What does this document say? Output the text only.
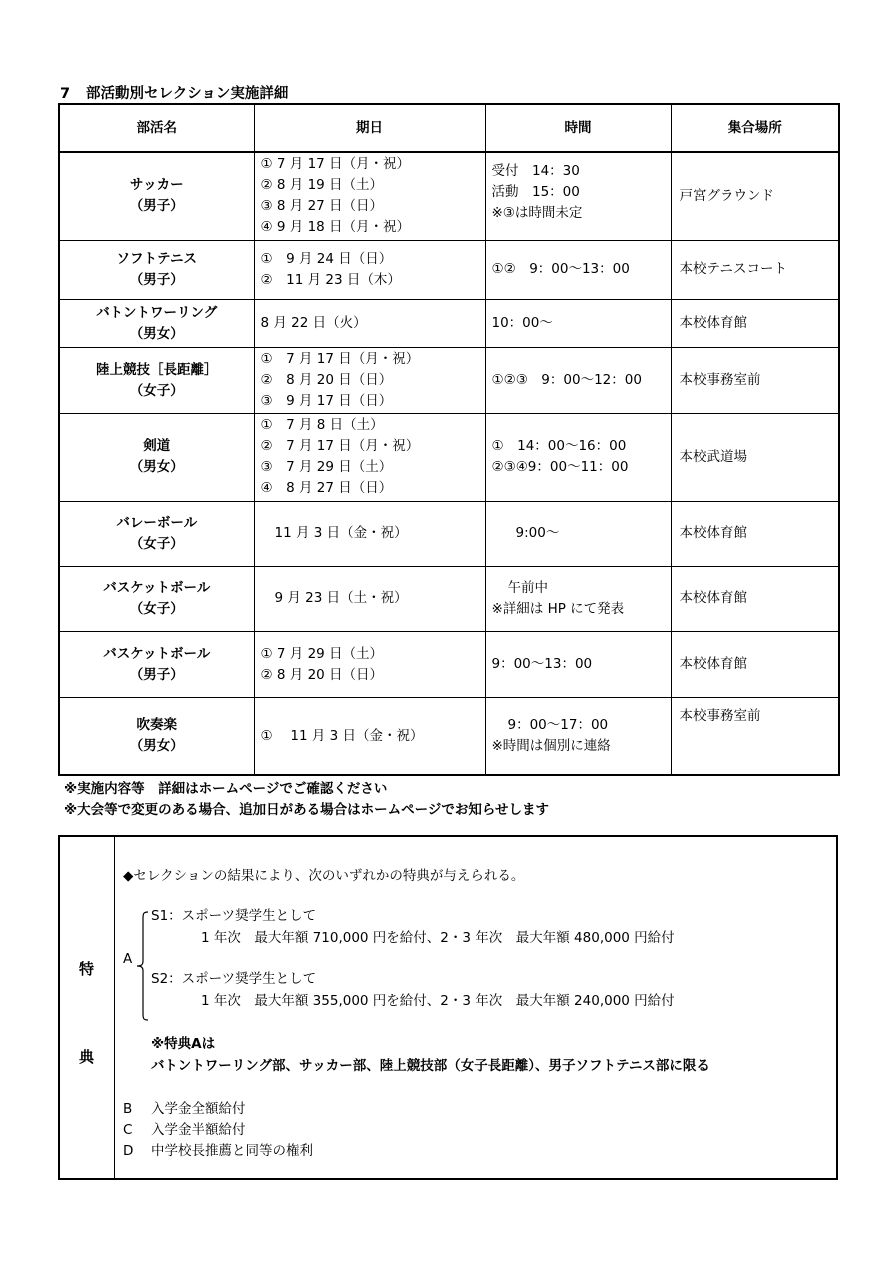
7 部活動別セレクション実施詳細
部活名	期日	時間	集合場所

サッカー
（男子）	① 7 月 17 日（月・祝）
② 8 月 19 日（土）
③ 8 月 27 日（日）
④ 9 月 18 日（月・祝）	受付　14：30
活動　15：00
※③は時間未定	戸宮グラウンド

ソフトテニス
（男子）	①　9 月 24 日（日）
②　11 月 23 日（木）	①②　9：00～13：00	本校テニスコート

バトントワーリング
（男女）	8 月 22 日（火）	10：00～	本校体育館

陸上競技［長距離］
（女子）	①　7 月 17 日（月・祝）
②　8 月 20 日（日）
③　9 月 17 日（日）	①②③　9：00～12：00	本校事務室前

剣道
（男女）	①　7 月 8 日（土）
②　7 月 17 日（月・祝）
③　7 月 29 日（土）
④　8 月 27 日（日）	①　14：00～16：00
②③④9：00～11：00	本校武道場

バレーボール
（女子）	11 月 3 日（金・祝）	9:00～	本校体育館

バスケットボール
（女子）	9 月 23 日（土・祝）	午前中
※詳細は HP にて発表	本校体育館

バスケットボール
（男子）	① 7 月 29 日（土）
② 8 月 20 日（日）	9：00～13：00	本校体育館

吹奏楽
（男女）	①　 11 月 3 日（金・祝）	9：00～17：00
※時間は個別に連絡	本校事務室前
※実施内容等　詳細はホームページでご確認ください
※大会等で変更のある場合、追加日がある場合はホームページでお知らせします
特
典
◆セレクションの結果により、次のいずれかの特典が与えられる。
A
S1：スポーツ奨学生として
1 年次　最大年額 710,000 円を給付、2・3 年次　最大年額 480,000 円給付
S2：スポーツ奨学生として
1 年次　最大年額 355,000 円を給付、2・3 年次　最大年額 240,000 円給付
※特典Aは
バトントワーリング部、サッカー部、陸上競技部（女子長距離）、男子ソフトテニス部に限る
B 入学金全額給付
C 入学金半額給付
D 中学校長推薦と同等の権利
